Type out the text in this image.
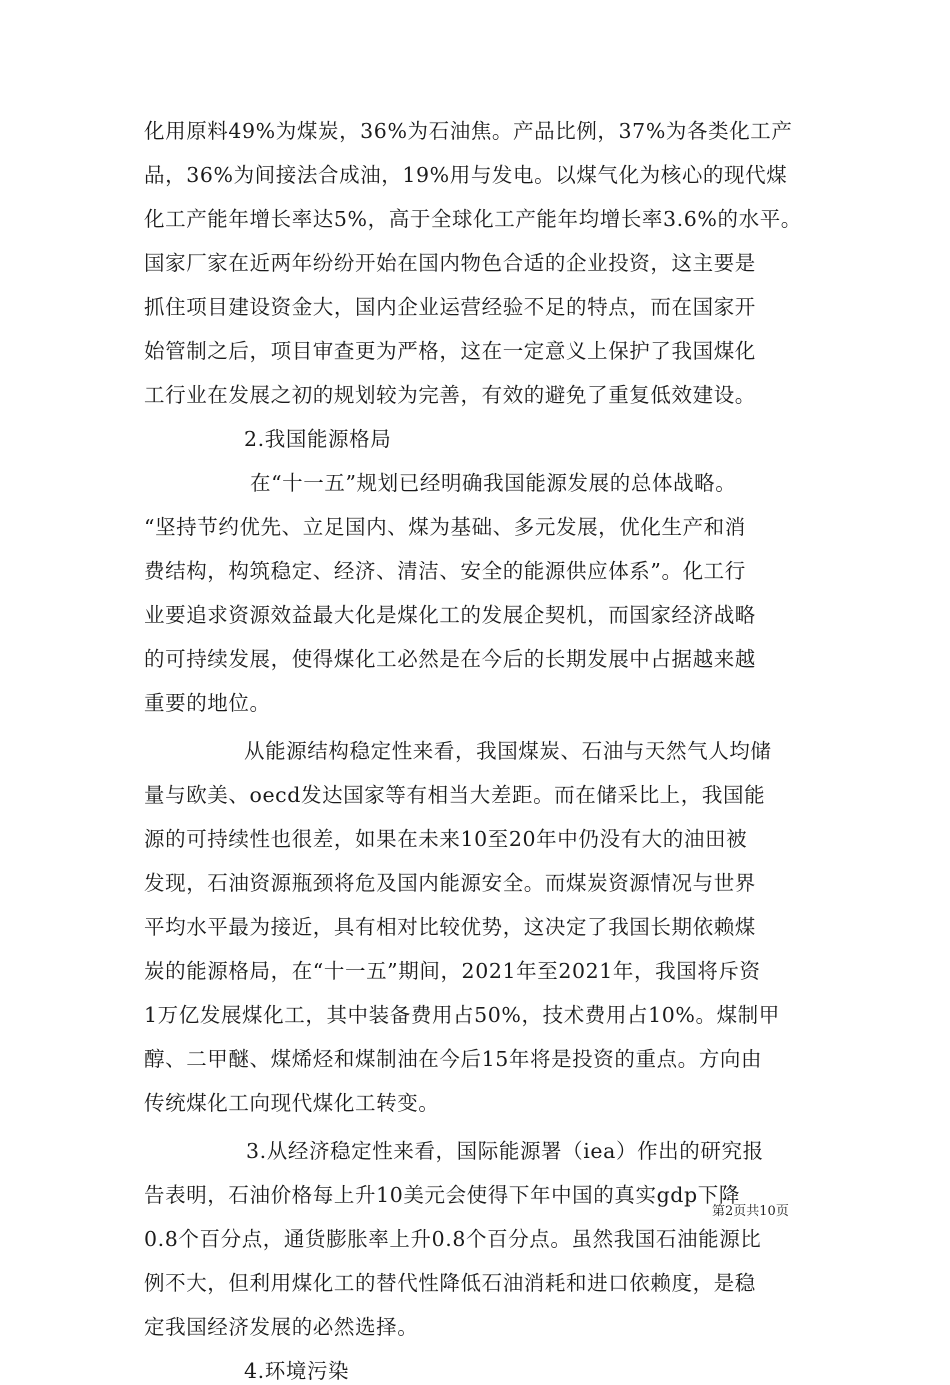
化用原料49%为煤炭，36%为石油焦。产品比例，37%为各类化工产
品，36%为间接法合成油，19%用与发电。以煤气化为核心的现代煤
化工产能年增长率达5%，高于全球化工产能年均增长率3.6%的水平。
国家厂家在近两年纷纷开始在国内物色合适的企业投资，这主要是
抓住项目建设资金大，国内企业运营经验不足的特点，而在国家开
始管制之后，项目审查更为严格，这在一定意义上保护了我国煤化
工行业在发展之初的规划较为完善，有效的避免了重复低效建设。
2.我国能源格局
在“十一五”规划已经明确我国能源发展的总体战略。
“坚持节约优先、立足国内、煤为基础、多元发展，优化生产和消
费结构，构筑稳定、经济、清洁、安全的能源供应体系”。化工行
业要追求资源效益最大化是煤化工的发展企契机，而国家经济战略
的可持续发展，使得煤化工必然是在今后的长期发展中占据越来越
重要的地位。
从能源结构稳定性来看，我国煤炭、石油与天然气人均储
量与欧美、oecd发达国家等有相当大差距。而在储采比上，我国能
源的可持续性也很差，如果在未来10至20年中仍没有大的油田被
发现，石油资源瓶颈将危及国内能源安全。而煤炭资源情况与世界
平均水平最为接近，具有相对比较优势，这决定了我国长期依赖煤
炭的能源格局，在“十一五”期间，2021年至2021年，我国将斥资
1万亿发展煤化工，其中装备费用占50%，技术费用占10%。煤制甲
醇、二甲醚、煤烯烃和煤制油在今后15年将是投资的重点。方向由
传统煤化工向现代煤化工转变。
3.从经济稳定性来看，国际能源署（iea）作出的研究报
告表明，石油价格每上升10美元会使得下年中国的真实gdp下降
0.8个百分点，通货膨胀率上升0.8个百分点。虽然我国石油能源比
例不大，但利用煤化工的替代性降低石油消耗和进口依赖度，是稳
定我国经济发展的必然选择。
4.环境污染
第2页共10页
